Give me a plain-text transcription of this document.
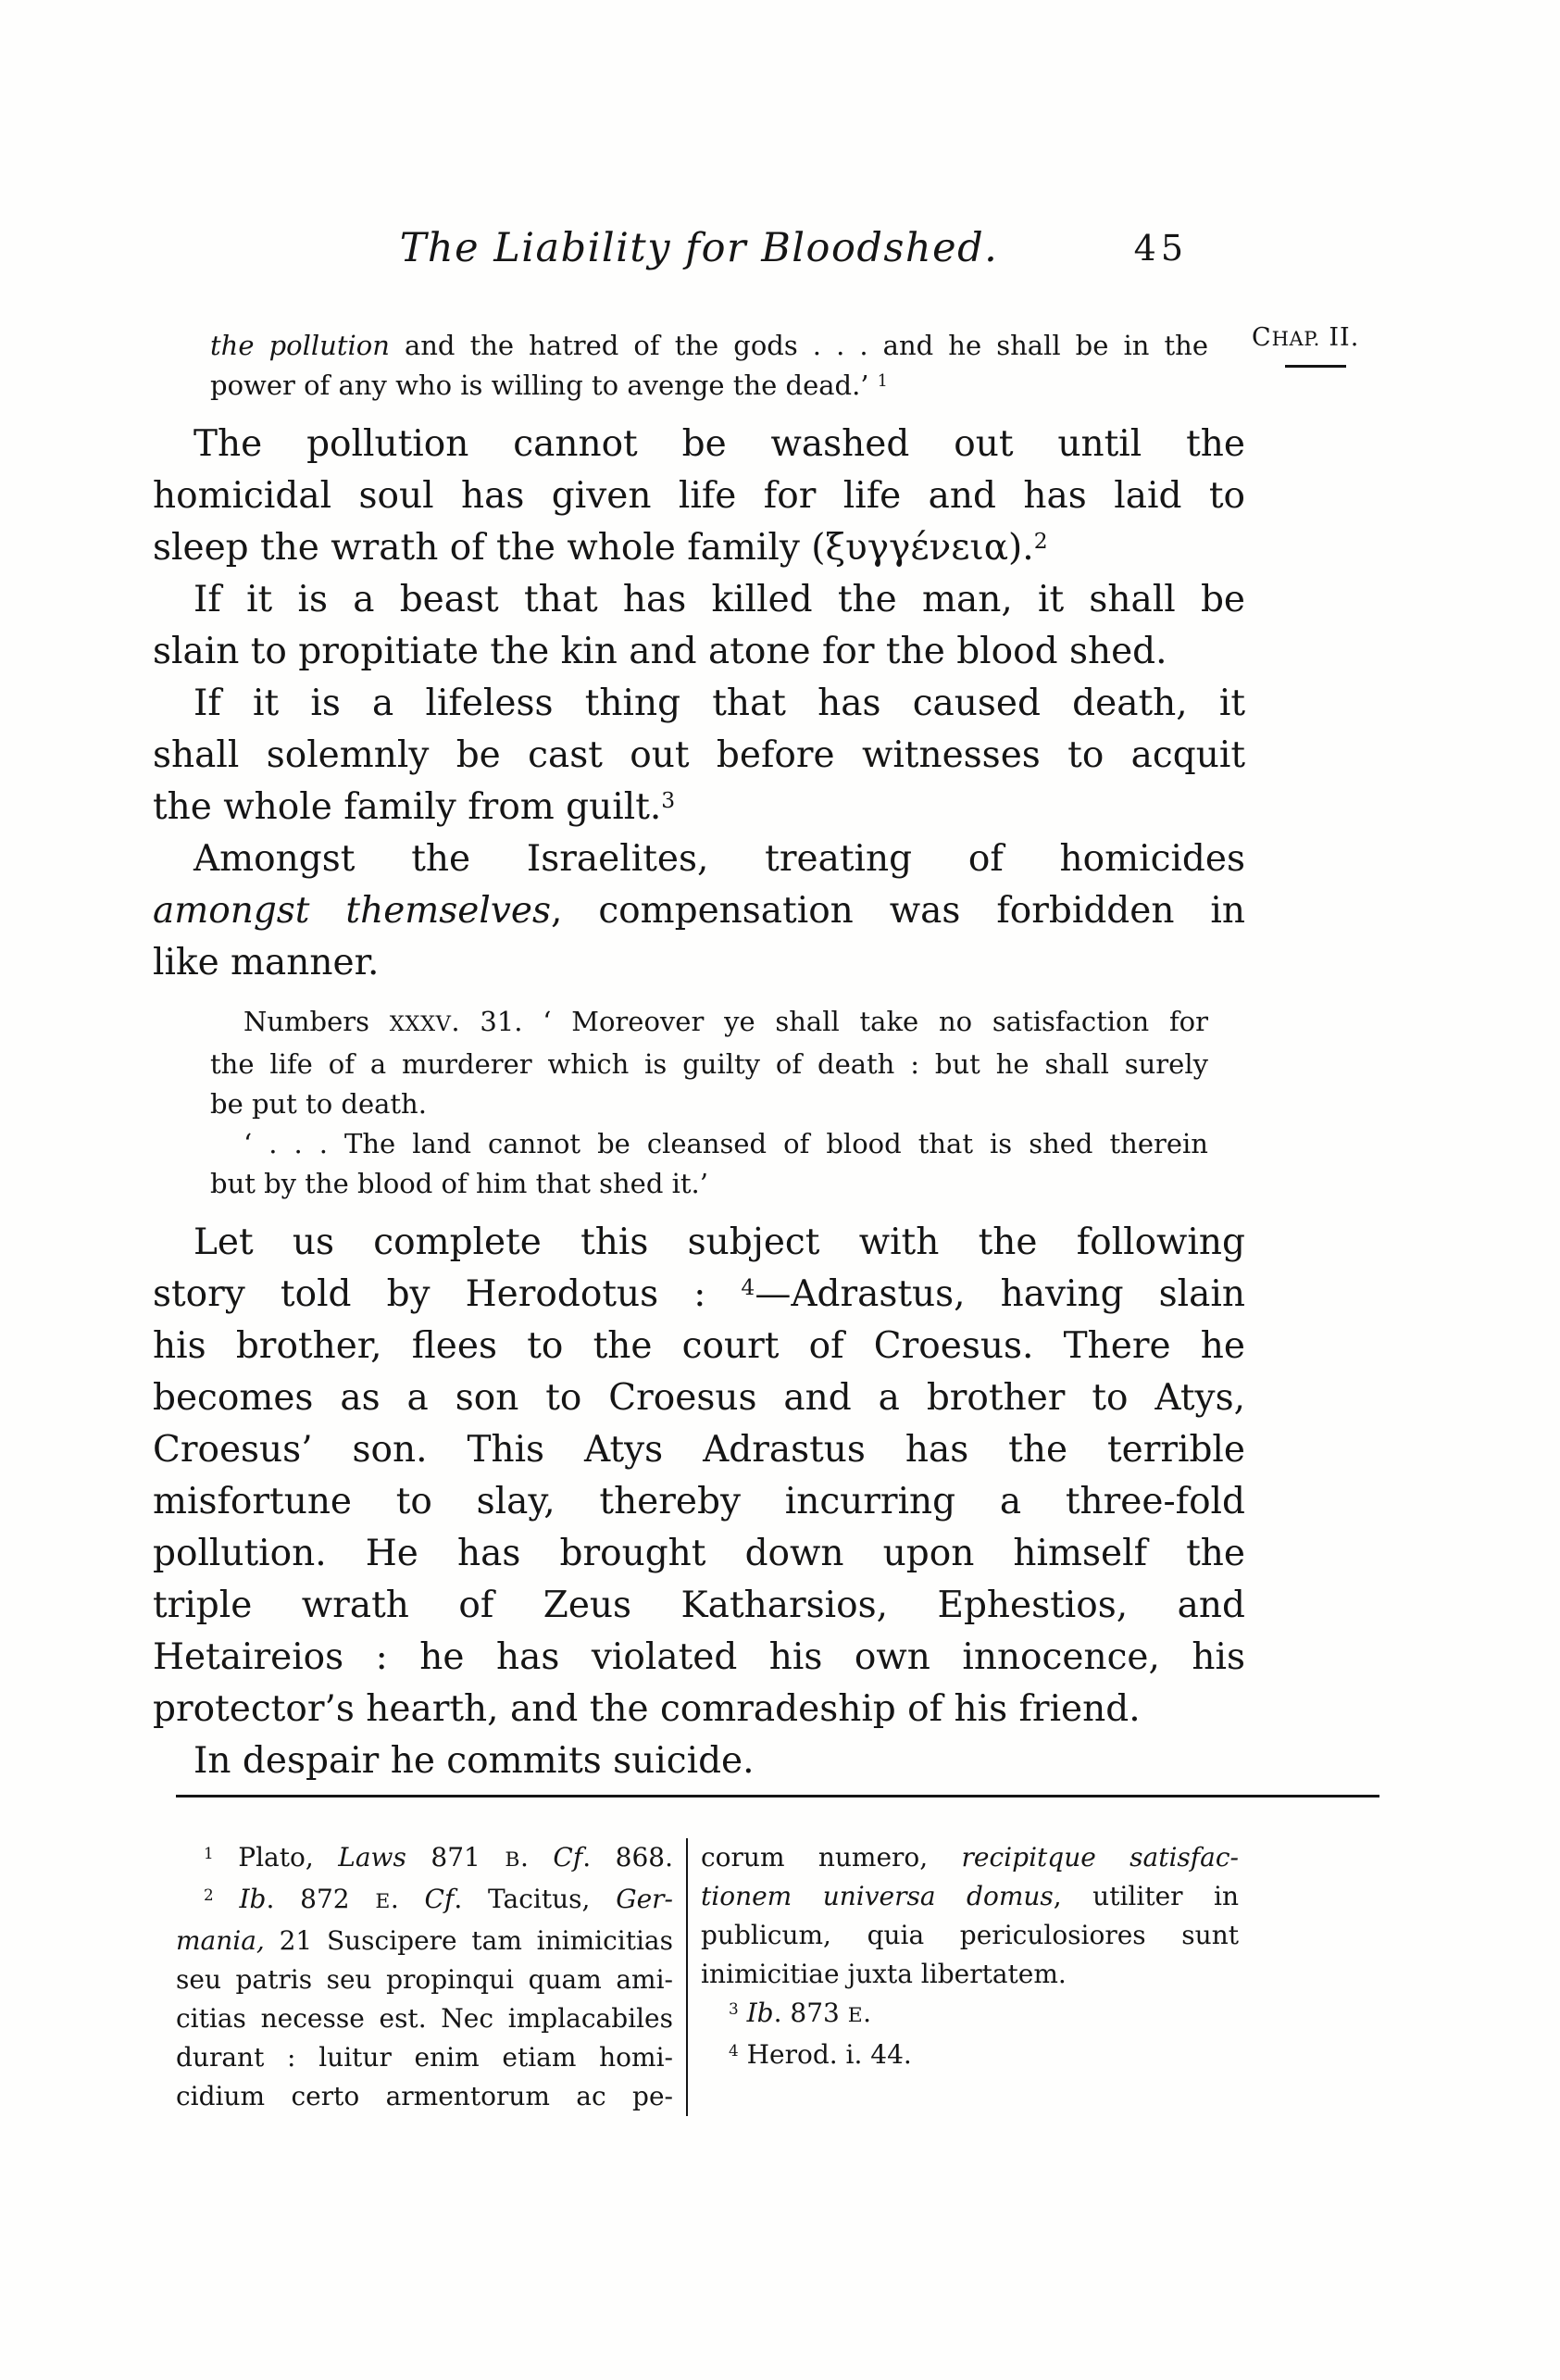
The Liability for Bloodshed.	45
CHAP. II.
the pollution and the hatred of the gods . . . and he shall be in the
power of any who is willing to avenge the dead.’ $^1$
The pollution cannot be washed out until the
homicidal soul has given life for life and has laid to
sleep the wrath of the whole family (ξυγγένεια).$^2$
If it is a beast that has killed the man, it shall be
slain to propitiate the kin and atone for the blood shed.
If it is a lifeless thing that has caused death, it
shall solemnly be cast out before witnesses to acquit
the whole family from guilt.$^3$
Amongst the Israelites, treating of homicides
amongst themselves, compensation was forbidden in
like manner.
Numbers XXXV. 31. ‘ Moreover ye shall take no satisfaction for
the life of a murderer which is guilty of death : but he shall surely
be put to death.
‘ . . . The land cannot be cleansed of blood that is shed therein
but by the blood of him that shed it.’
Let us complete this subject with the following
story told by Herodotus : $^4$—Adrastus, having slain
his brother, flees to the court of Croesus. There he
becomes as a son to Croesus and a brother to Atys,
Croesus’ son. This Atys Adrastus has the terrible
misfortune to slay, thereby incurring a three-fold
pollution. He has brought down upon himself the
triple wrath of Zeus Katharsios, Ephestios, and
Hetaireios : he has violated his own innocence, his
protector’s hearth, and the comradeship of his friend.
In despair he commits suicide.
$^1$ Plato, Laws 871 B. Cf. 868.
$^2$ Ib. 872 E. Cf. Tacitus, Ger-
mania, 21 Suscipere tam inimicitias
seu patris seu propinqui quam ami-
citias necesse est. Nec implacabiles
durant : luitur enim etiam homi-
cidium certo armentorum ac pe-
corum numero, recipitque satisfac-
tionem universa domus, utiliter in
publicum, quia periculosiores sunt
inimicitiae juxta libertatem.
$^3$ Ib. 873 E.
$^4$ Herod. i. 44.
